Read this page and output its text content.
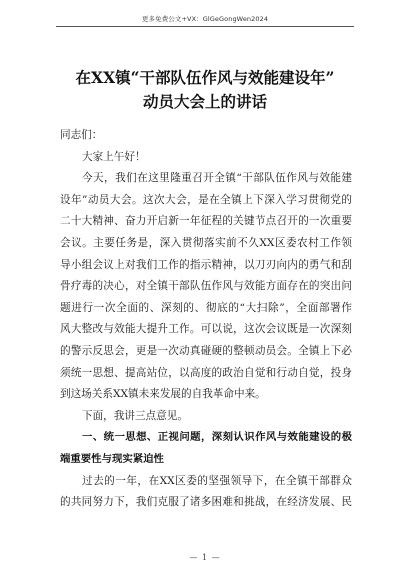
更多免费公文+VX：GlGeGongWen2024
在XX镇“干部队伍作风与效能建设年”
动员大会上的讲话
同志们：
大家上午好！
今天，我们在这里隆重召开全镇“干部队伍作风与效能建
设年”动员大会。这次大会，是在全镇上下深入学习贯彻党的
二十大精神、奋力开启新一年征程的关键节点召开的一次重要
会议。主要任务是，深入贯彻落实前不久XX区委农村工作领
导小组会议上对我们工作的指示精神，以刀刃向内的勇气和刮
骨疗毒的决心，对全镇干部队伍作风与效能方面存在的突出问
题进行一次全面的、深刻的、彻底的“大扫除”，全面部署作
风大整改与效能大提升工作。可以说，这次会议既是一次深刻
的警示反思会，更是一次动真碰硬的整顿动员会。全镇上下必
须统一思想、提高站位，以高度的政治自觉和行动自觉，投身
到这场关系XX镇未来发展的自我革命中来。
下面，我讲三点意见。
一、统一思想、正视问题，深刻认识作风与效能建设的极
端重要性与现实紧迫性
过去的一年，在XX区委的坚强领导下，在全镇干部群众
的共同努力下，我们克服了诸多困难和挑战，在经济发展、民
— 1 —
